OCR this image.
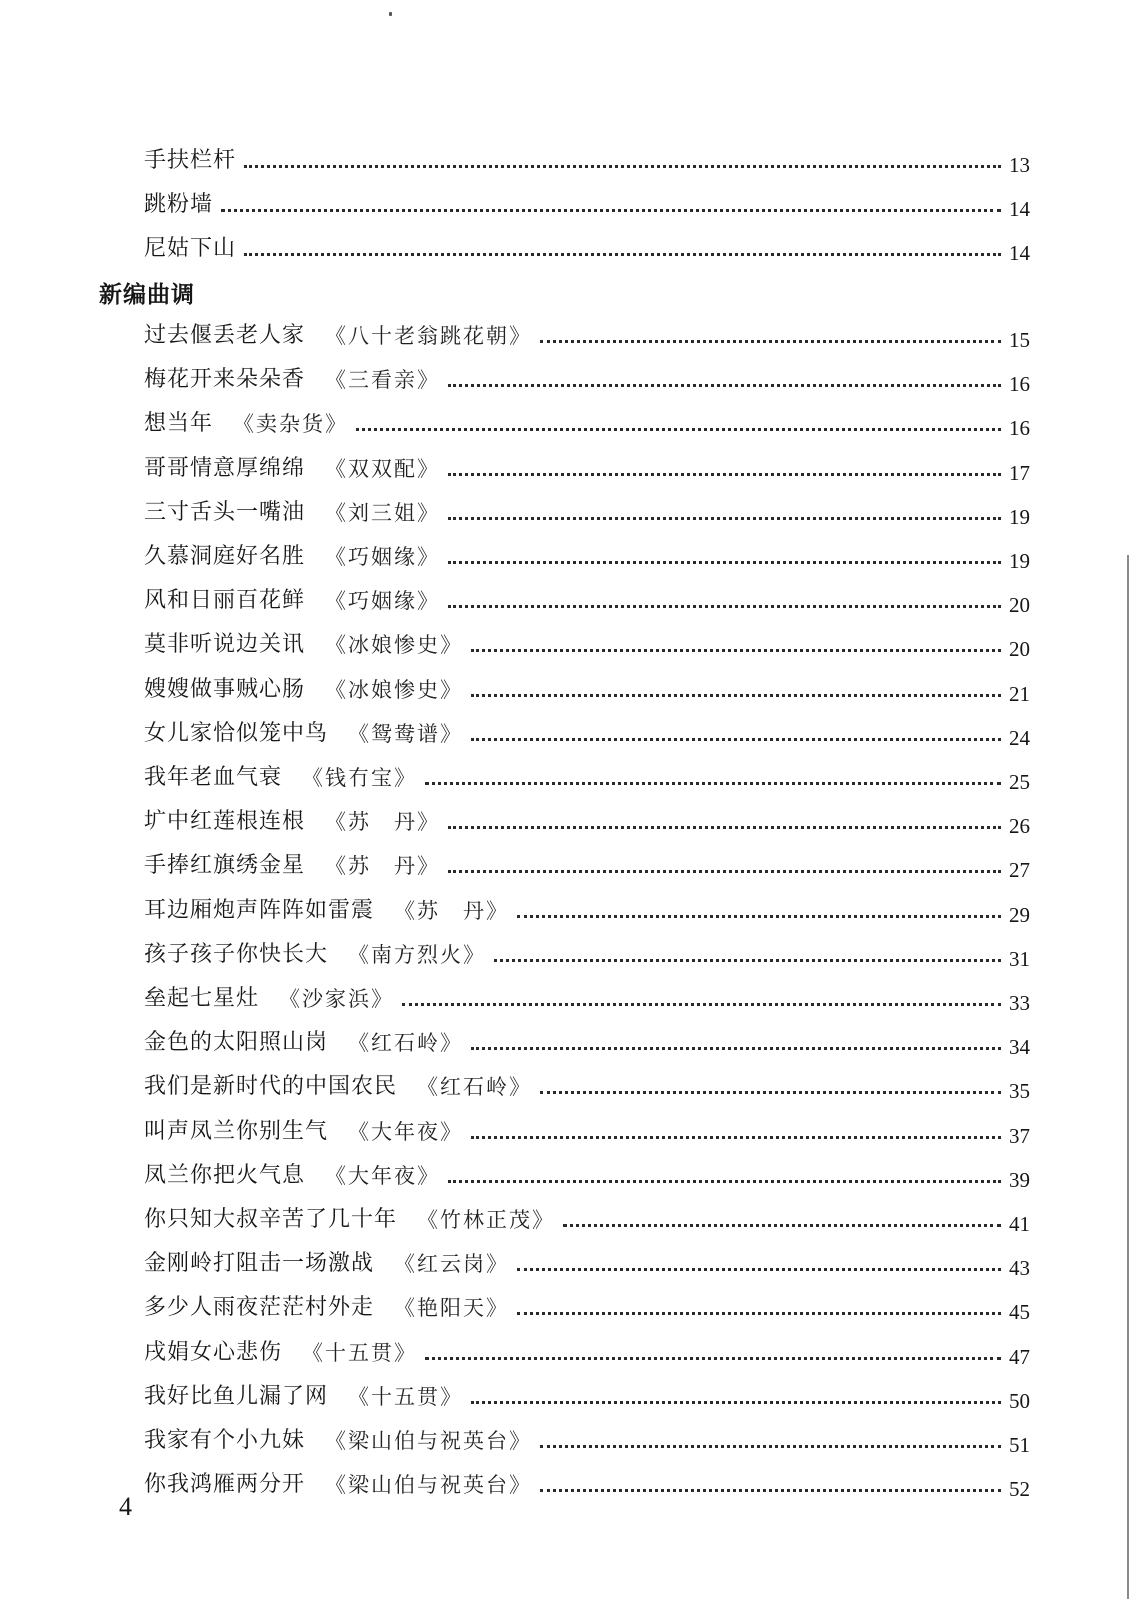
新编曲调
手扶栏杆	13
跳粉墙	14
尼姑下山	14
过去偃丢老人家 《八十老翁跳花朝》	15
梅花开来朵朵香 《三看亲》	16
想当年 《卖杂货》	16
哥哥情意厚绵绵 《双双配》	17
三寸舌头一嘴油 《刘三姐》	19
久慕洞庭好名胜 《巧姻缘》	19
风和日丽百花鲜 《巧姻缘》	20
莫非听说边关讯 《冰娘惨史》	20
嫂嫂做事贼心肠 《冰娘惨史》	21
女儿家恰似笼中鸟 《鸳鸯谱》	24
我年老血气衰 《钱冇宝》	25
圹中红莲根连根 《苏　丹》	26
手捧红旗绣金星 《苏　丹》	27
耳边厢炮声阵阵如雷震 《苏　丹》	29
孩子孩子你快长大 《南方烈火》	31
垒起七星灶 《沙家浜》	33
金色的太阳照山岗 《红石岭》	34
我们是新时代的中国农民 《红石岭》	35
叫声凤兰你别生气 《大年夜》	37
凤兰你把火气息 《大年夜》	39
你只知大叔辛苦了几十年 《竹林正茂》	41
金刚岭打阻击一场激战 《红云岗》	43
多少人雨夜茫茫村外走 《艳阳天》	45
戌娟女心悲伤 《十五贯》	47
我好比鱼儿漏了网 《十五贯》	50
我家有个小九妹 《梁山伯与祝英台》	51
你我鸿雁两分开 《梁山伯与祝英台》	52
4
